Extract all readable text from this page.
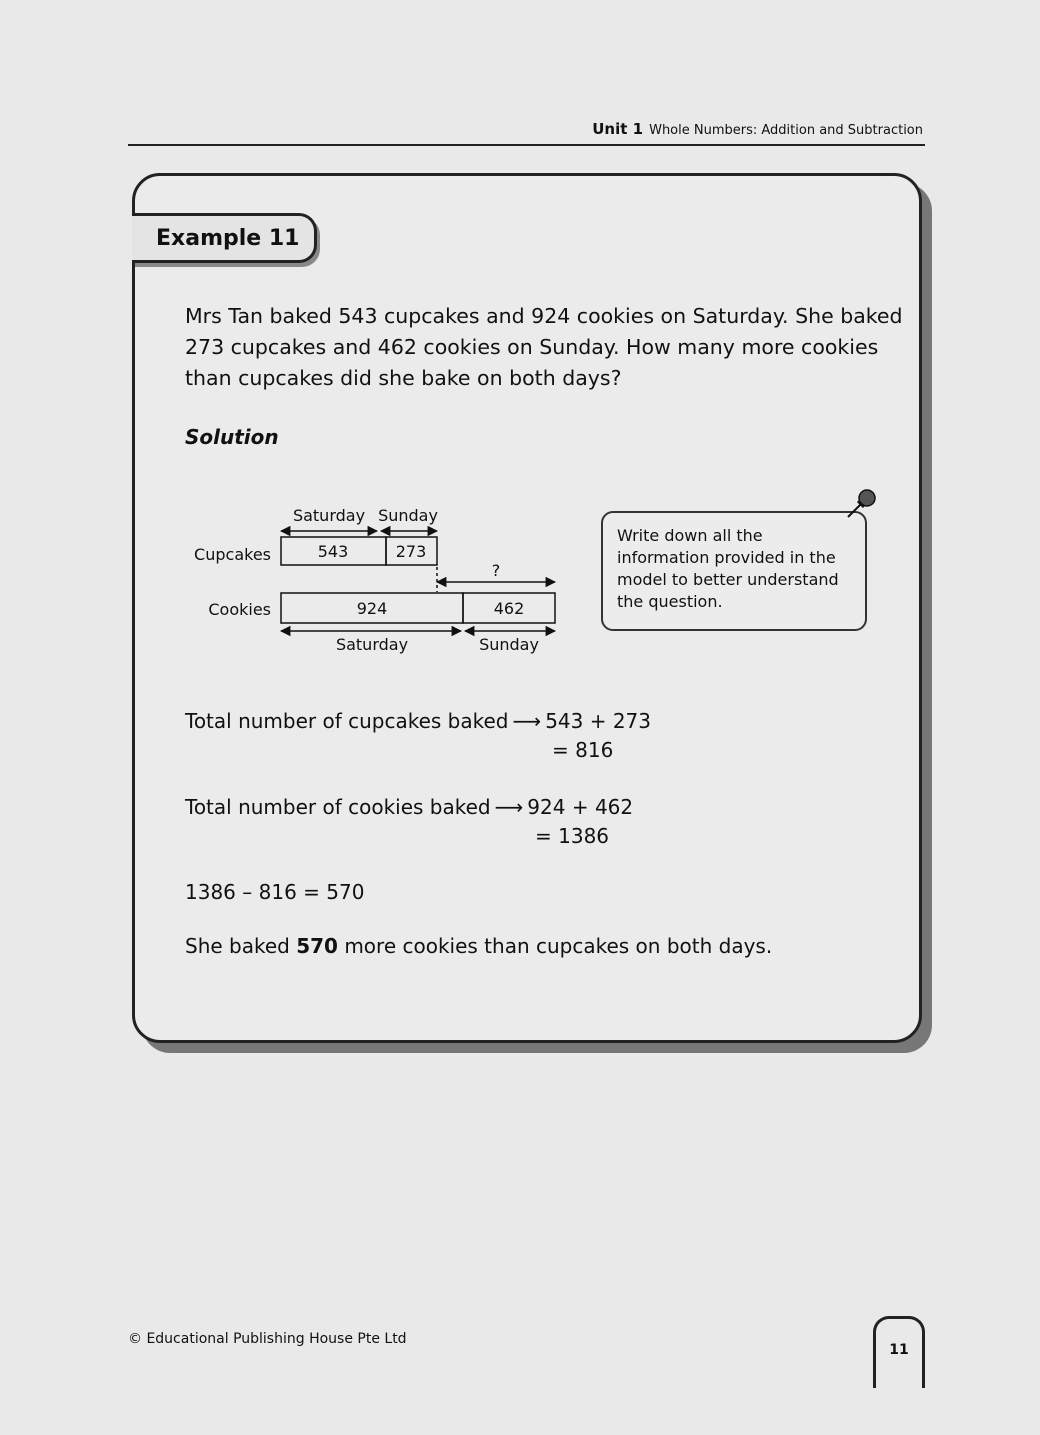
Unit 1 Whole Numbers: Addition and Subtraction
Example 11
Mrs Tan baked 543 cupcakes and 924 cookies on Saturday. She baked 273 cupcakes and 462 cookies on Sunday. How many more cookies than cupcakes did she bake on both days?
Solution
Saturday Sunday
Cupcakes	543	273
?
Cookies	924	462
Saturday	Sunday
Write down all the information provided in the model to better understand the question.
Total number of cupcakes baked ⟶ 543 + 273
= 816
Total number of cookies baked ⟶ 924 + 462
= 1386
1386 – 816 = 570
She baked 570 more cookies than cupcakes on both days.
© Educational Publishing House Pte Ltd
11
